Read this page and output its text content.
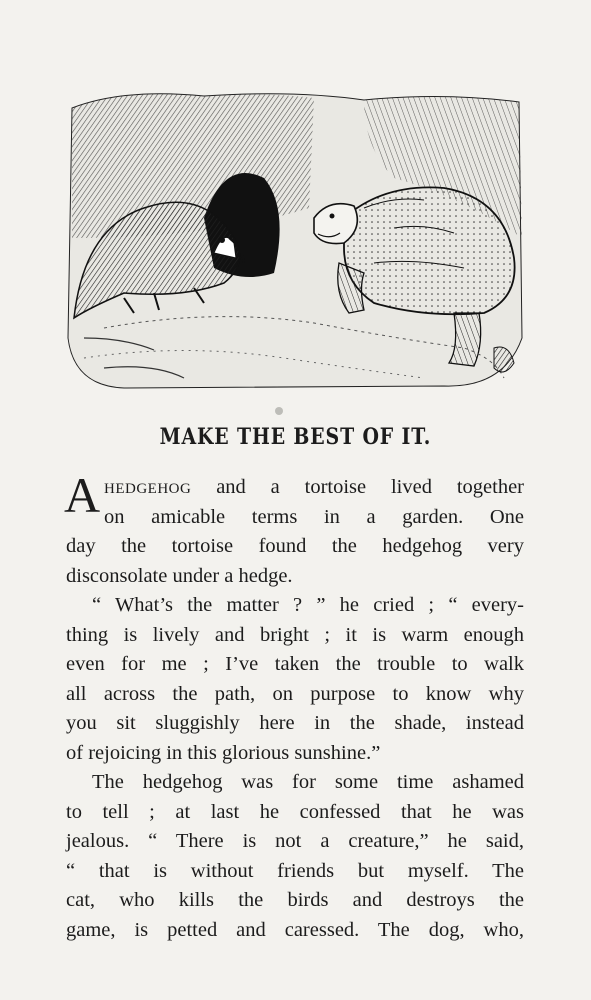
MAKE THE BEST OF IT.
A HEDGEHOG and a tortoise lived together
on amicable terms in a garden. One
day the tortoise found the hedgehog very
disconsolate under a hedge.
“ What’s the matter ? ” he cried ; “ every-
thing is lively and bright ; it is warm enough
even for me ; I’ve taken the trouble to walk
all across the path, on purpose to know why
you sit sluggishly here in the shade, instead
of rejoicing in this glorious sunshine.”
The hedgehog was for some time ashamed
to tell ; at last he confessed that he was
jealous. “ There is not a creature,” he said,
“ that is without friends but myself. The
cat, who kills the birds and destroys the
game, is petted and caressed. The dog, who,
